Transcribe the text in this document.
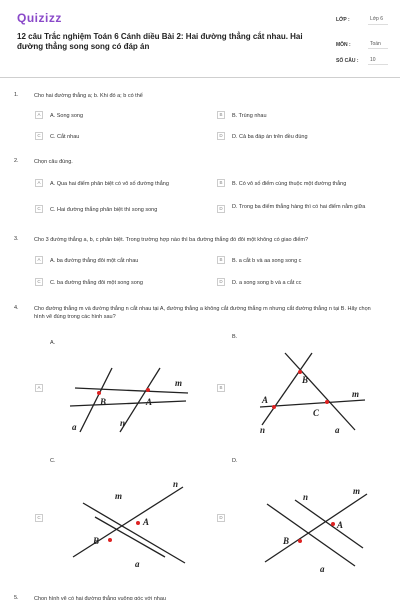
Quizizz
12 câu Trắc nghiệm Toán 6 Cánh diều Bài 2: Hai đường thẳng cắt nhau. Hai đường thẳng song song có đáp án
LỚP :	Lớp 6
MÔN :	Toán
SỐ CÂU :	10
1.	Cho hai đường thẳng a; b. Khi đó a; b có thể
A	A. Song song	B	B. Trùng nhau
C	C. Cắt nhau	D	D. Cả ba đáp án trên đều đúng
2.	Chọn câu đúng.
A	A. Qua hai điểm phân biệt có vô số đường thẳng	B	B. Có vô số điểm cùng thuộc một đường thẳng
C	C. Hai đường thẳng phân biệt thì song song	D	D. Trong ba điểm thẳng hàng thì có hai điểm nằm giữa
3.	Cho 3 đường thẳng a, b, c phân biệt. Trong trường hợp nào thì ba đường thẳng đó đôi một không có giao điểm?
A	A. ba đường thẳng đôi một cắt nhau	B	B. a cắt b và aa song song c
C	C. ba đường thẳng đôi một song song	D	D. a song song b và a cắt cc
4.	Cho đường thẳng m và đường thẳng n cắt nhau tại A, đường thẳng a không cắt đường thẳng m nhưng cắt đường thẳng n tại B. Hãy chọn hình vẽ đúng trong các hình sau?
A.
A
B	A
m
a	n
B.
B
A
B
C
m
n	a
C.
C	A
B
m
n
a
D.
D
A
B
n
m
a
5.	Chọn hình vẽ có hai đường thẳng vuông góc với nhau
